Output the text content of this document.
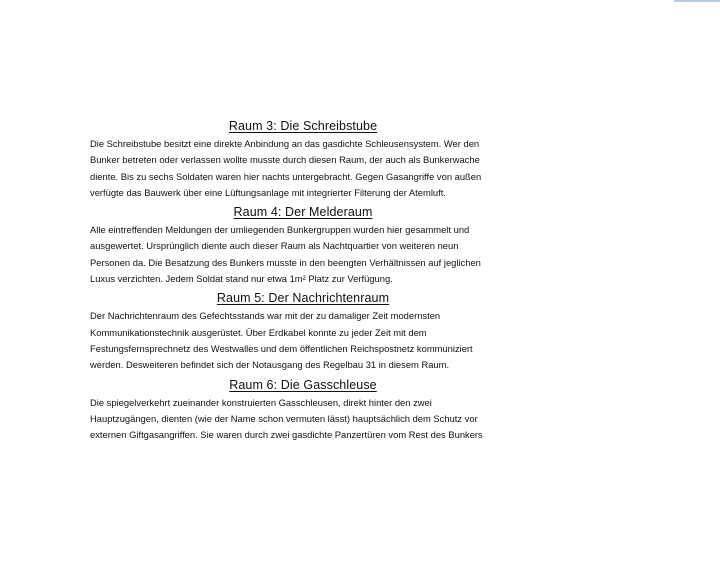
Raum 3: Die Schreibstube

Die Schreibstube besitzt eine direkte Anbindung an das gasdichte Schleusensystem. Wer den
Bunker betreten oder verlassen wollte musste durch diesen Raum, der auch als Bunkerwache
diente. Bis zu sechs Soldaten waren hier nachts untergebracht. Gegen Gasangriffe von außen
verfügte das Bauwerk über eine Lüftungsanlage mit integrierter Filterung der Atemluft.

Raum 4: Der Melderaum

Alle eintreffenden Meldungen der umliegenden Bunkergruppen wurden hier gesammelt und
ausgewertet. Ursprünglich diente auch dieser Raum als Nachtquartier von weiteren neun
Personen da. Die Besatzung des Bunkers musste in den beengten Verhältnissen auf jeglichen
Luxus verzichten. Jedem Soldat stand nur etwa 1m² Platz zur Verfügung.

Raum 5: Der Nachrichtenraum

Der Nachrichtenraum des Gefechtsstands war mit der zu damaliger Zeit modernsten
Kommunikationstechnik ausgerüstet. Über Erdkabel konnte zu jeder Zeit mit dem
Festungsfernsprechnetz des Westwalles und dem öffentlichen Reichspostnetz kommuniziert
werden. Desweiteren befindet sich der Notausgang des Regelbau 31 in diesem Raum.

Raum 6: Die Gasschleuse

Die spiegelverkehrt zueinander konstruierten Gasschleusen, direkt hinter den zwei
Hauptzugängen, dienten (wie der Name schon vermuten lässt) hauptsächlich dem Schutz vor
externen Giftgasangriffen. Sie waren durch zwei gasdichte Panzertüren vom Rest des Bunkers
